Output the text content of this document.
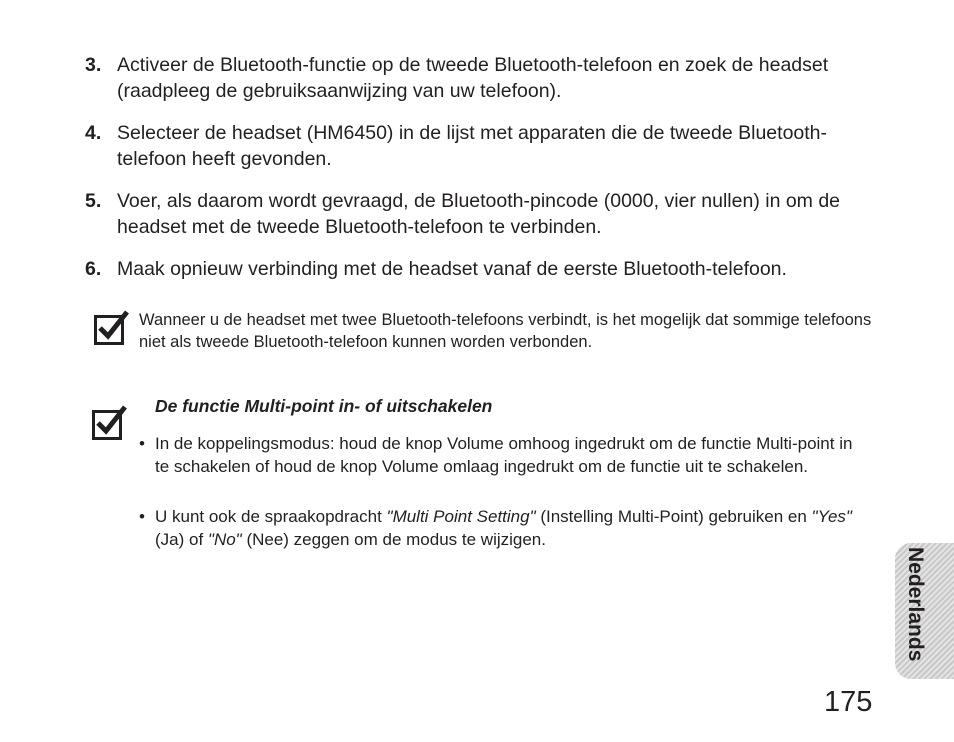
3. Activeer de Bluetooth-functie op de tweede Bluetooth-telefoon en zoek de headset (raadpleeg de gebruiksaanwijzing van uw telefoon).
4. Selecteer de headset (HM6450) in de lijst met apparaten die de tweede Bluetooth-telefoon heeft gevonden.
5. Voer, als daarom wordt gevraagd, de Bluetooth-pincode (0000, vier nullen) in om de headset met de tweede Bluetooth-telefoon te verbinden.
6. Maak opnieuw verbinding met de headset vanaf de eerste Bluetooth-telefoon.
Wanneer u de headset met twee Bluetooth-telefoons verbindt, is het mogelijk dat sommige telefoons niet als tweede Bluetooth-telefoon kunnen worden verbonden.
De functie Multi-point in- of uitschakelen
• In de koppelingsmodus: houd de knop Volume omhoog ingedrukt om de functie Multi-point in te schakelen of houd de knop Volume omlaag ingedrukt om de functie uit te schakelen.
• U kunt ook de spraakopdracht "Multi Point Setting" (Instelling Multi-Point) gebruiken en "Yes" (Ja) of "No" (Nee) zeggen om de modus te wijzigen.
Nederlands
175
